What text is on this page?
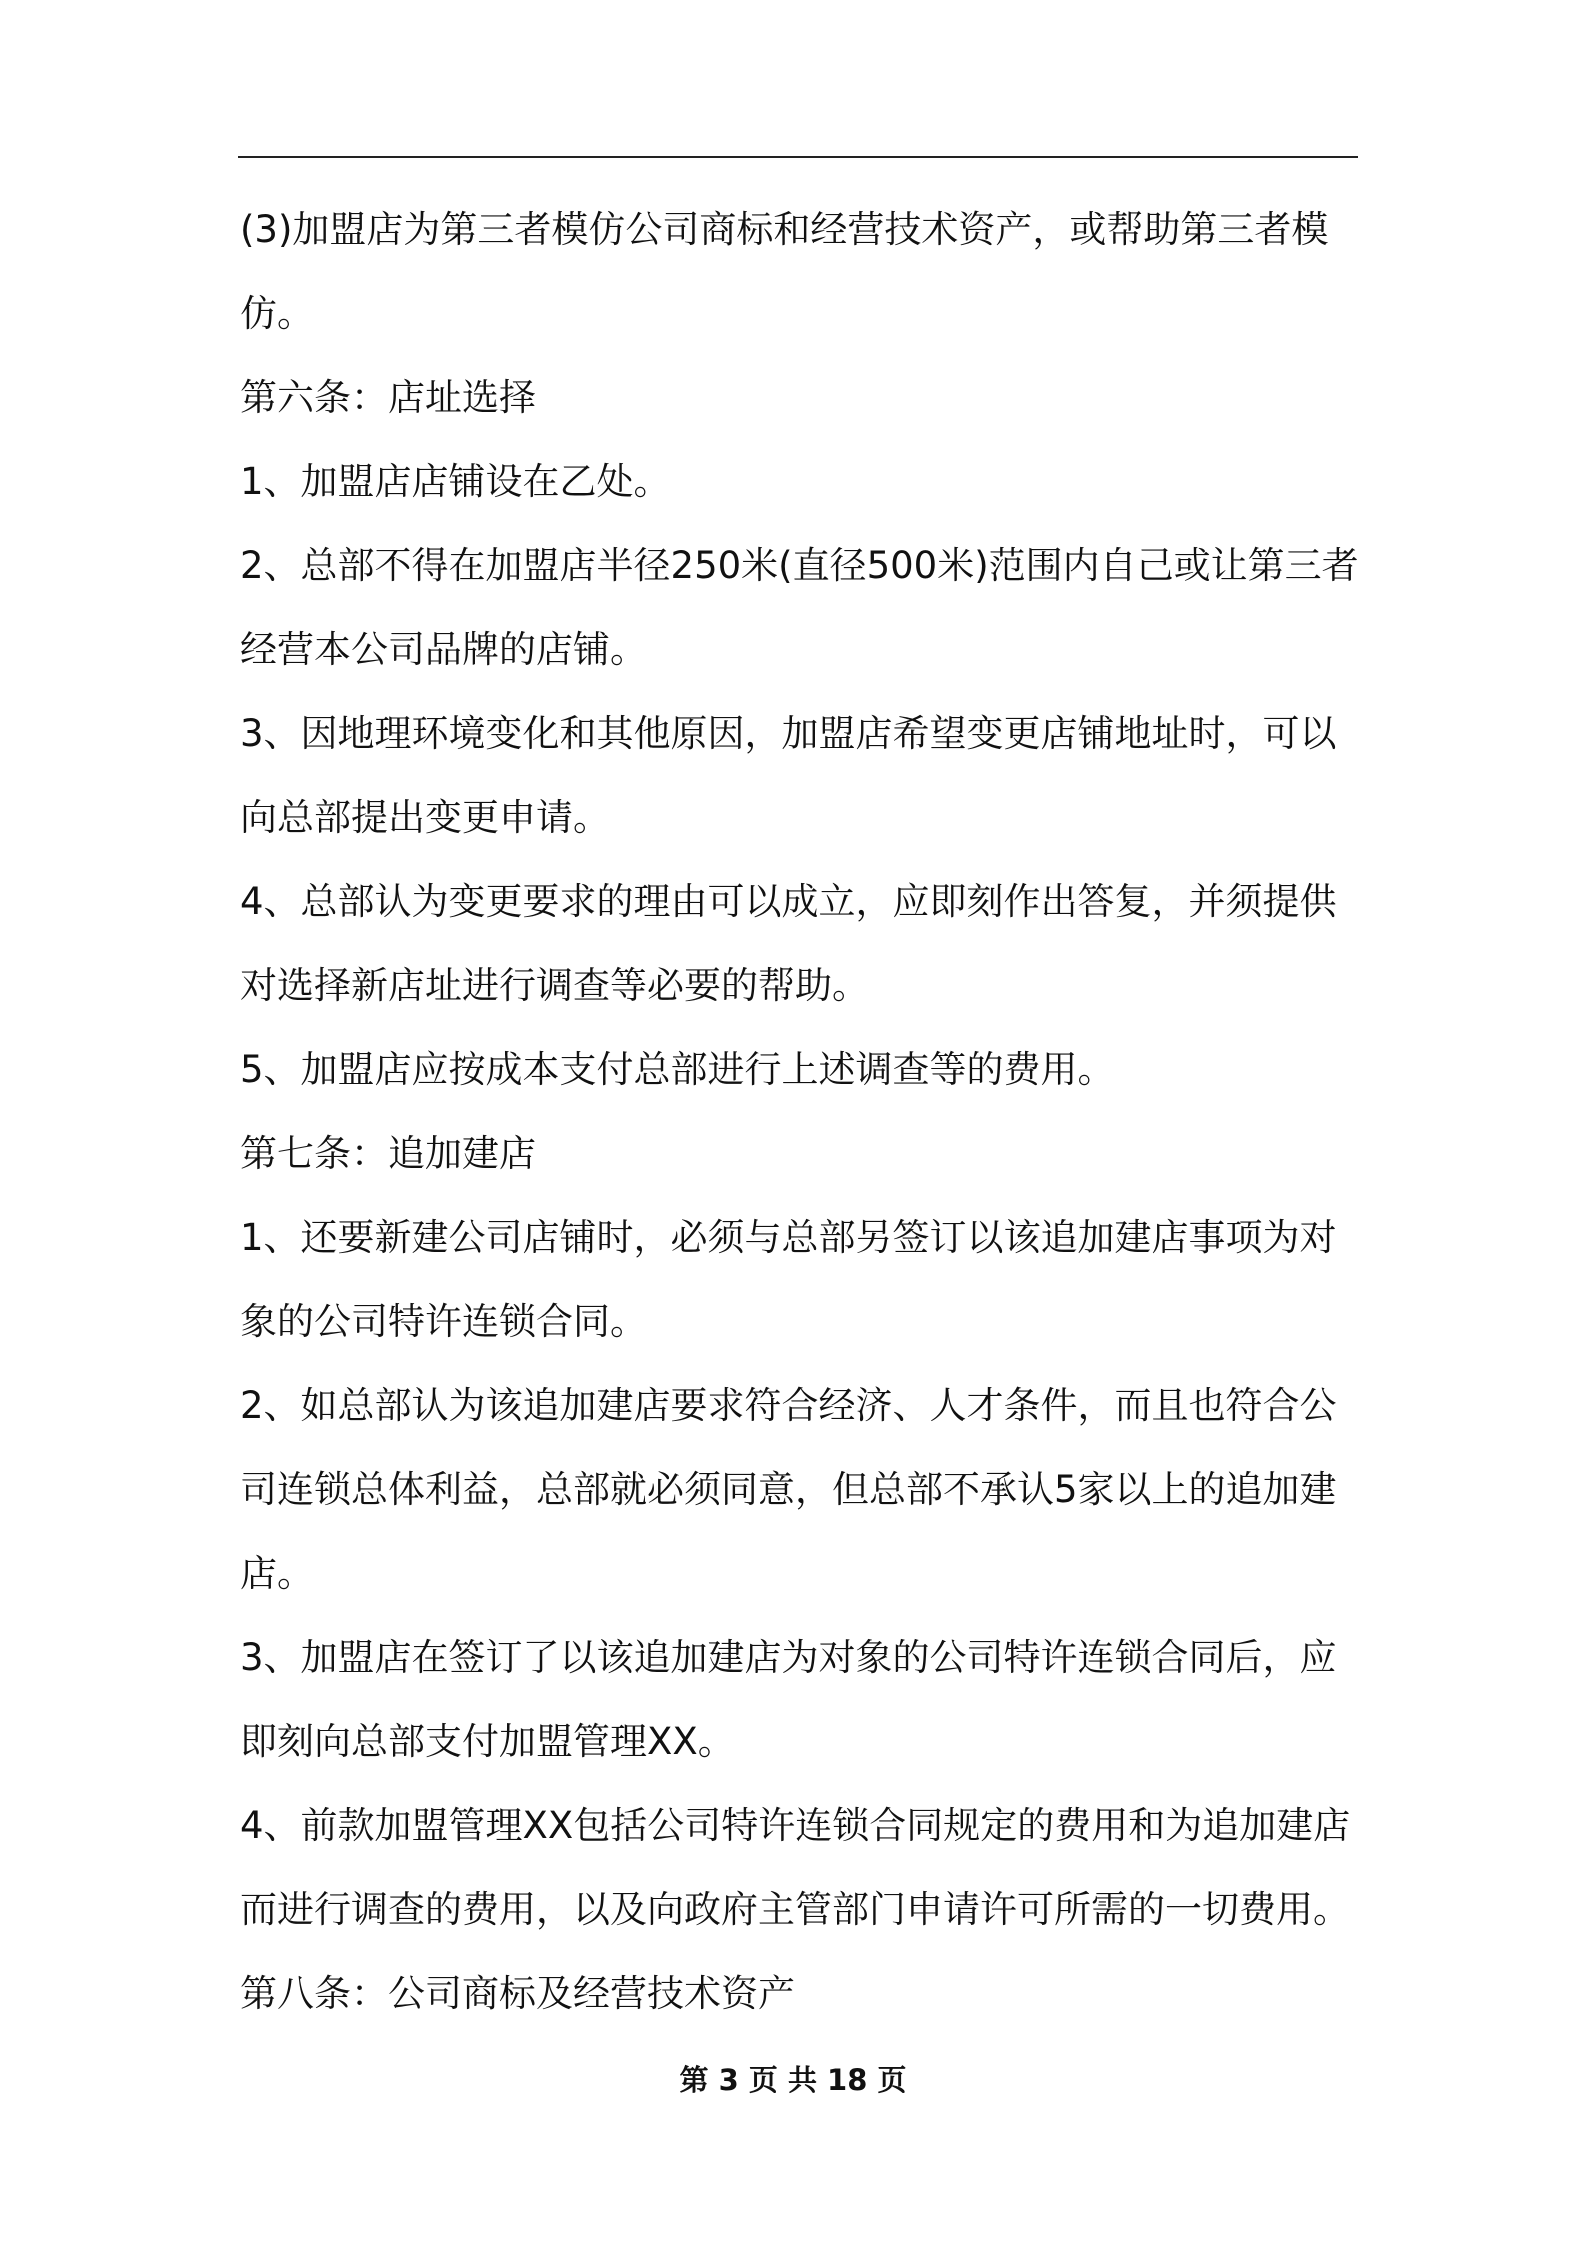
(3)加盟店为第三者模仿公司商标和经营技术资产，或帮助第三者模仿。

第六条：店址选择

1、加盟店店铺设在乙处。

2、总部不得在加盟店半径250米(直径500米)范围内自己或让第三者经营本公司品牌的店铺。

3、因地理环境变化和其他原因，加盟店希望变更店铺地址时，可以向总部提出变更申请。

4、总部认为变更要求的理由可以成立，应即刻作出答复，并须提供对选择新店址进行调查等必要的帮助。

5、加盟店应按成本支付总部进行上述调查等的费用。

第七条：追加建店

1、还要新建公司店铺时，必须与总部另签订以该追加建店事项为对象的公司特许连锁合同。

2、如总部认为该追加建店要求符合经济、人才条件，而且也符合公司连锁总体利益，总部就必须同意，但总部不承认5家以上的追加建店。

3、加盟店在签订了以该追加建店为对象的公司特许连锁合同后，应即刻向总部支付加盟管理XX。

4、前款加盟管理XX包括公司特许连锁合同规定的费用和为追加建店而进行调查的费用，以及向政府主管部门申请许可所需的一切费用。

第八条：公司商标及经营技术资产

第 3 页 共 18 页
